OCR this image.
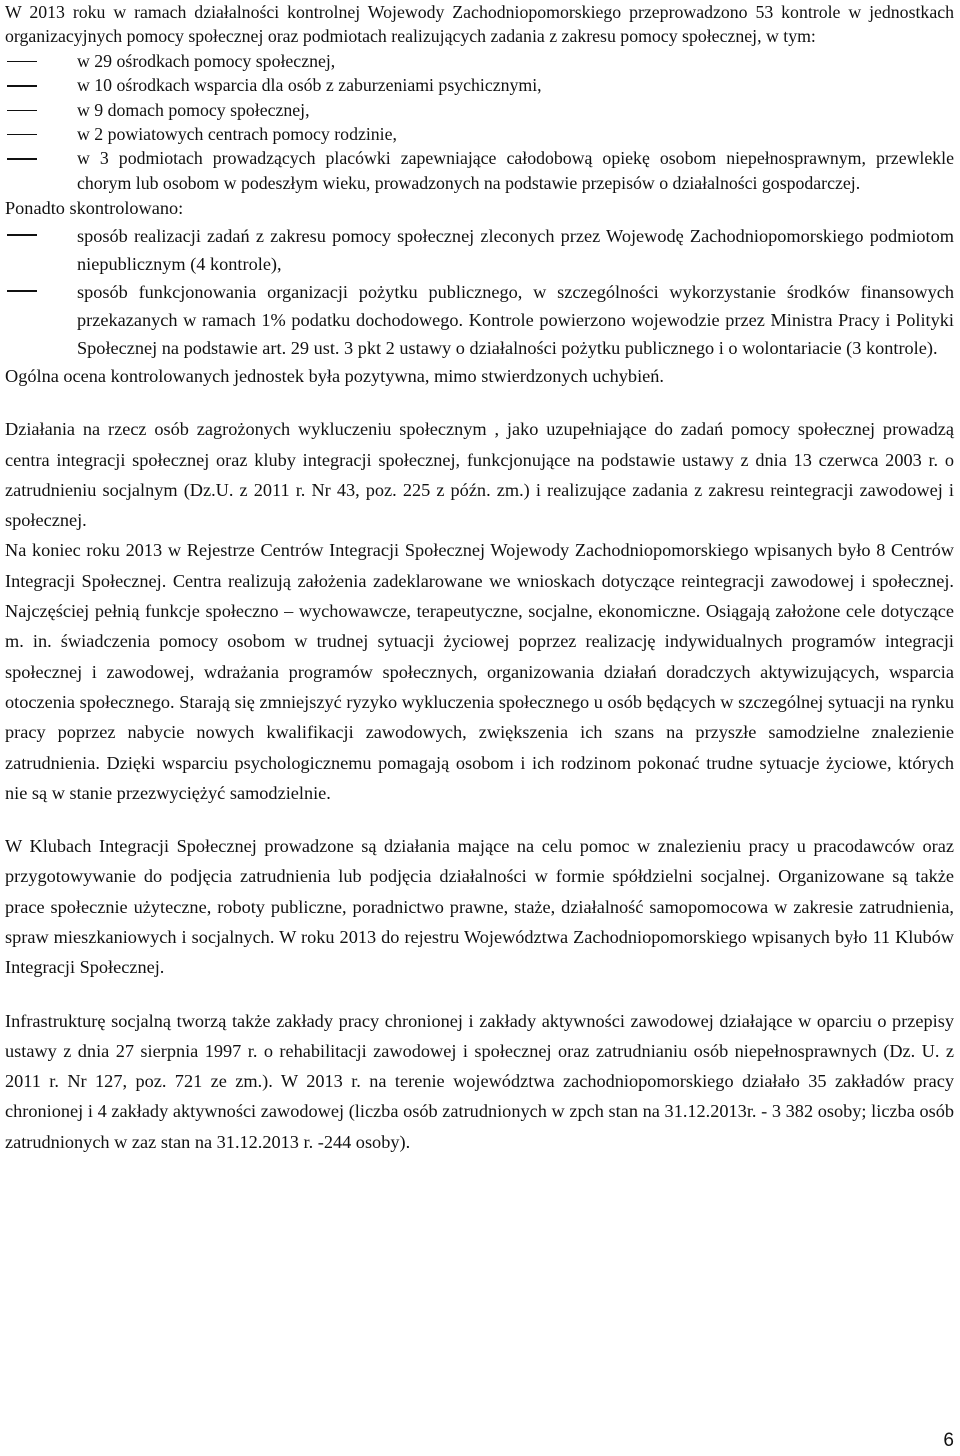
W 2013 roku w ramach działalności kontrolnej Wojewody Zachodniopomorskiego przeprowadzono 53 kontrole w jednostkach organizacyjnych pomocy społecznej oraz podmiotach realizujących zadania z zakresu pomocy społecznej, w tym:

w 29 ośrodkach pomocy społecznej,
w 10 ośrodkach wsparcia dla osób z zaburzeniami psychicznymi,
w 9 domach pomocy społecznej,
w 2 powiatowych centrach pomocy rodzinie,
w 3 podmiotach prowadzących placówki zapewniające całodobową opiekę osobom niepełnosprawnym, przewlekle chorym lub osobom w podeszłym wieku, prowadzonych na podstawie przepisów o działalności gospodarczej.

Ponadto skontrolowano:

sposób realizacji zadań z zakresu pomocy społecznej zleconych przez Wojewodę Zachodniopomorskiego podmiotom niepublicznym (4 kontrole),
sposób funkcjonowania organizacji pożytku publicznego, w szczególności wykorzystanie środków finansowych przekazanych w ramach 1% podatku dochodowego. Kontrole powierzono wojewodzie przez Ministra Pracy i Polityki Społecznej na podstawie art. 29 ust. 3 pkt 2 ustawy o działalności pożytku publicznego i o wolontariacie (3 kontrole).

Ogólna ocena kontrolowanych jednostek była pozytywna, mimo stwierdzonych uchybień.

Działania na rzecz osób zagrożonych wykluczeniu społecznym , jako uzupełniające do zadań pomocy społecznej prowadzą centra integracji społecznej oraz kluby integracji społecznej, funkcjonujące na podstawie ustawy z dnia 13 czerwca 2003 r. o zatrudnieniu socjalnym (Dz.U. z 2011 r. Nr 43, poz. 225 z późn. zm.) i realizujące zadania z zakresu reintegracji zawodowej i społecznej.

Na koniec roku 2013 w Rejestrze Centrów Integracji Społecznej Wojewody Zachodniopomorskiego wpisanych było 8 Centrów Integracji Społecznej. Centra realizują założenia zadeklarowane we wnioskach dotyczące reintegracji zawodowej i społecznej. Najczęściej pełnią funkcje społeczno – wychowawcze, terapeutyczne, socjalne, ekonomiczne. Osiągają założone cele dotyczące m. in. świadczenia pomocy osobom w trudnej sytuacji życiowej poprzez realizację indywidualnych programów integracji społecznej i zawodowej, wdrażania programów społecznych, organizowania działań doradczych aktywizujących, wsparcia otoczenia społecznego. Starają się zmniejszyć ryzyko wykluczenia społecznego u osób będących w szczególnej sytuacji na rynku pracy poprzez nabycie nowych kwalifikacji zawodowych, zwiększenia ich szans na przyszłe samodzielne znalezienie zatrudnienia. Dzięki wsparciu psychologicznemu pomagają osobom i ich rodzinom pokonać trudne sytuacje życiowe, których nie są w stanie przezwyciężyć samodzielnie.

W Klubach Integracji Społecznej prowadzone są działania mające na celu pomoc w znalezieniu pracy u pracodawców oraz przygotowywanie do podjęcia zatrudnienia lub podjęcia działalności w formie spółdzielni socjalnej. Organizowane są także prace społecznie użyteczne, roboty publiczne, poradnictwo prawne, staże, działalność samopomocowa w zakresie zatrudnienia, spraw mieszkaniowych i socjalnych. W roku 2013 do rejestru Województwa Zachodniopomorskiego wpisanych było 11 Klubów Integracji Społecznej.

Infrastrukturę socjalną tworzą także zakłady pracy chronionej i zakłady aktywności zawodowej działające w oparciu o przepisy ustawy z dnia 27 sierpnia 1997 r. o rehabilitacji zawodowej i społecznej oraz zatrudnianiu osób niepełnosprawnych (Dz. U. z 2011 r. Nr 127, poz. 721 ze zm.). W 2013 r. na terenie województwa zachodniopomorskiego działało 35 zakładów pracy chronionej i 4 zakłady aktywności zawodowej (liczba osób zatrudnionych w zpch stan na 31.12.2013r. - 3 382 osoby; liczba osób zatrudnionych w zaz stan na 31.12.2013 r. -244 osoby).

6
